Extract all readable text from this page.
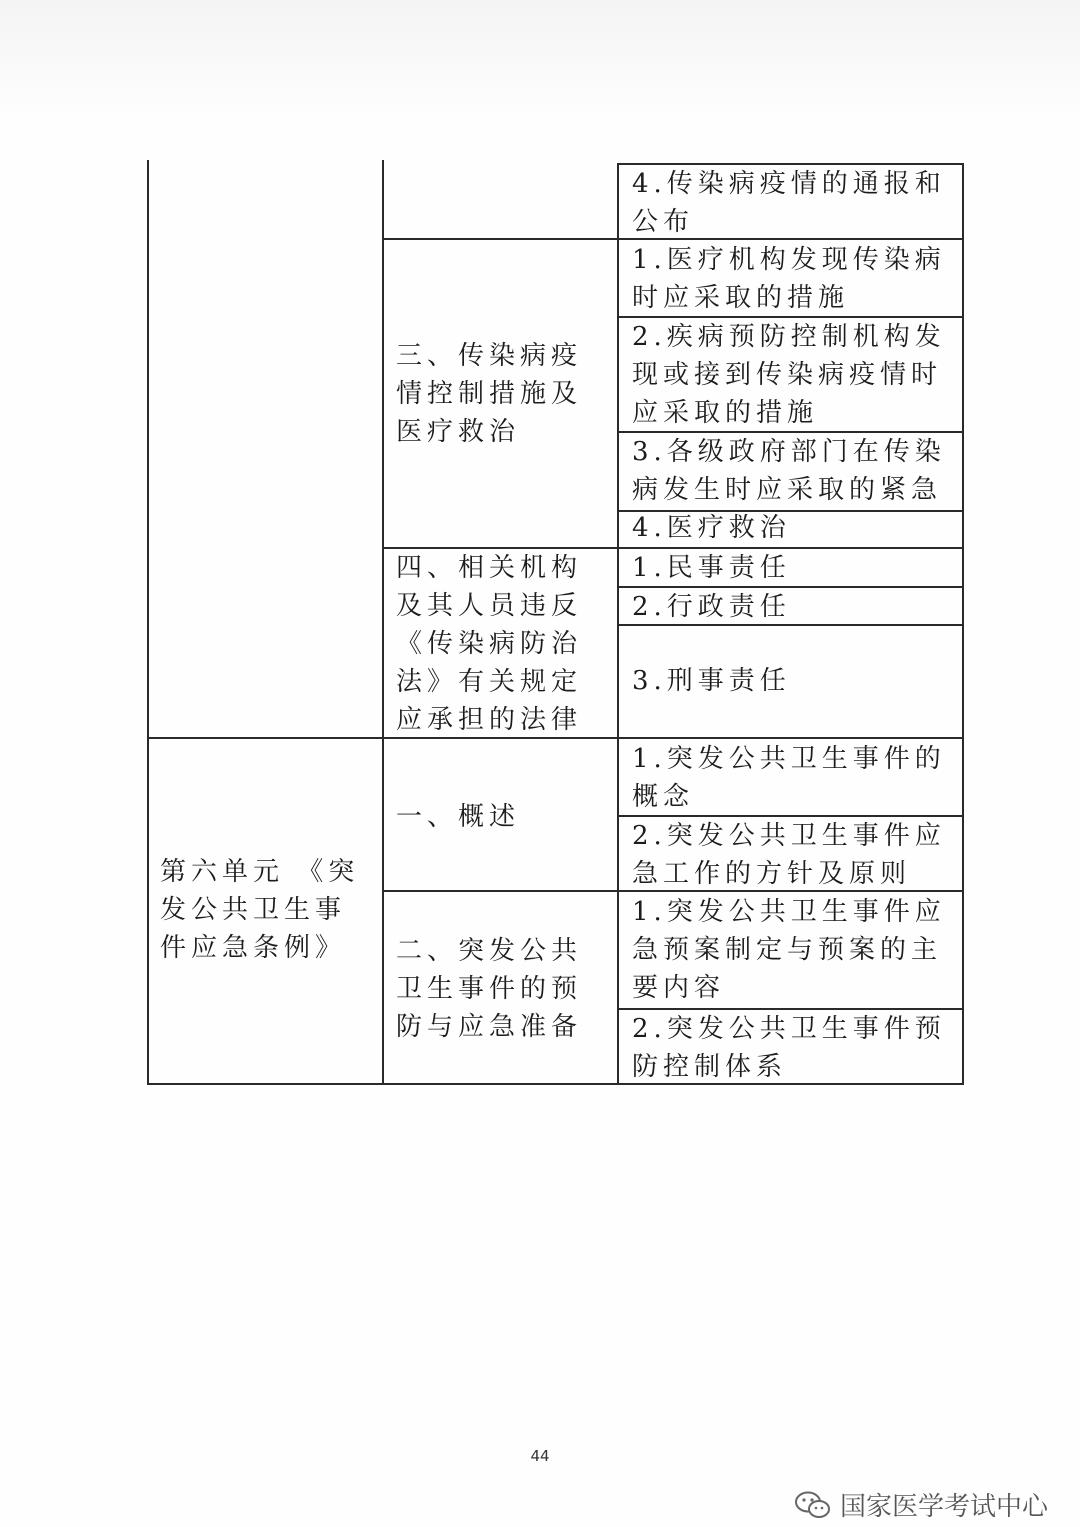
第六单元 《突发公共卫生事件应急条例》
三、传染病疫情控制措施及医疗救治
四、相关机构及其人员违反《传染病防治法》有关规定应承担的法律
一、概述
二、突发公共卫生事件的预防与应急准备
4.传染病疫情的通报和公布
1.医疗机构发现传染病时应采取的措施
2.疾病预防控制机构发现或接到传染病疫情时应采取的措施
3.各级政府部门在传染病发生时应采取的紧急
4.医疗救治
1.民事责任
2.行政责任
3.刑事责任
1.突发公共卫生事件的概念
2.突发公共卫生事件应急工作的方针及原则
1.突发公共卫生事件应急预案制定与预案的主要内容
2.突发公共卫生事件预防控制体系
44
国家医学考试中心
